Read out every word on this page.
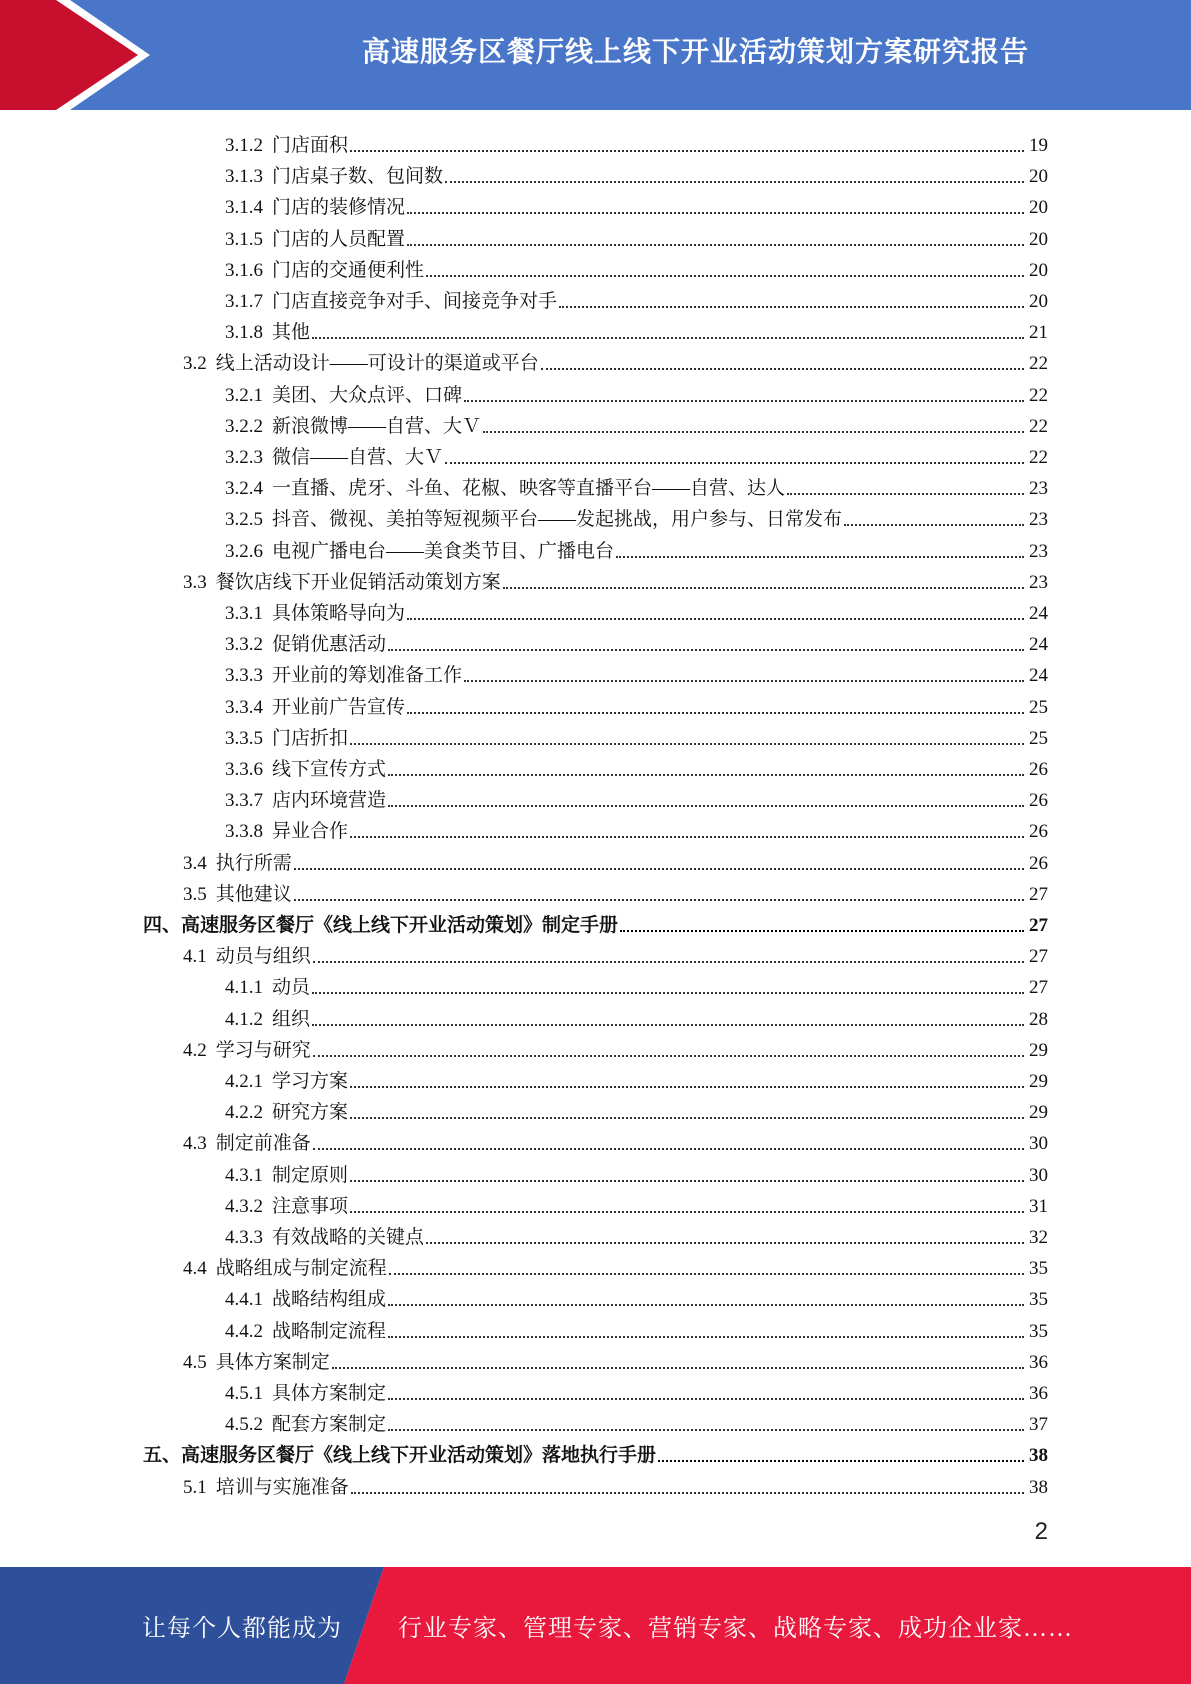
高速服务区餐厅线上线下开业活动策划方案研究报告
3.1.2 门店面积	19
3.1.3 门店桌子数、包间数	20
3.1.4 门店的装修情况	20
3.1.5 门店的人员配置	20
3.1.6 门店的交通便利性	20
3.1.7 门店直接竞争对手、间接竞争对手	20
3.1.8 其他	21
3.2 线上活动设计——可设计的渠道或平台	22
3.2.1 美团、大众点评、口碑	22
3.2.2 新浪微博——自营、大Ｖ	22
3.2.3 微信——自营、大Ｖ	22
3.2.4 一直播、虎牙、斗鱼、花椒、映客等直播平台——自营、达人	23
3.2.5 抖音、微视、美拍等短视频平台——发起挑战，用户参与、日常发布	23
3.2.6 电视广播电台——美食类节目、广播电台	23
3.3 餐饮店线下开业促销活动策划方案	23
3.3.1 具体策略导向为	24
3.3.2 促销优惠活动	24
3.3.3 开业前的筹划准备工作	24
3.3.4 开业前广告宣传	25
3.3.5 门店折扣	25
3.3.6 线下宣传方式	26
3.3.7 店内环境营造	26
3.3.8 异业合作	26
3.4 执行所需	26
3.5 其他建议	27
四、高速服务区餐厅《线上线下开业活动策划》制定手册	27
4.1 动员与组织	27
4.1.1 动员	27
4.1.2 组织	28
4.2 学习与研究	29
4.2.1 学习方案	29
4.2.2 研究方案	29
4.3 制定前准备	30
4.3.1 制定原则	30
4.3.2 注意事项	31
4.3.3 有效战略的关键点	32
4.4 战略组成与制定流程	35
4.4.1 战略结构组成	35
4.4.2 战略制定流程	35
4.5 具体方案制定	36
4.5.1 具体方案制定	36
4.5.2 配套方案制定	37
五、高速服务区餐厅《线上线下开业活动策划》落地执行手册	38
5.1 培训与实施准备	38
2
让每个人都能成为 行业专家、管理专家、营销专家、战略专家、成功企业家……
